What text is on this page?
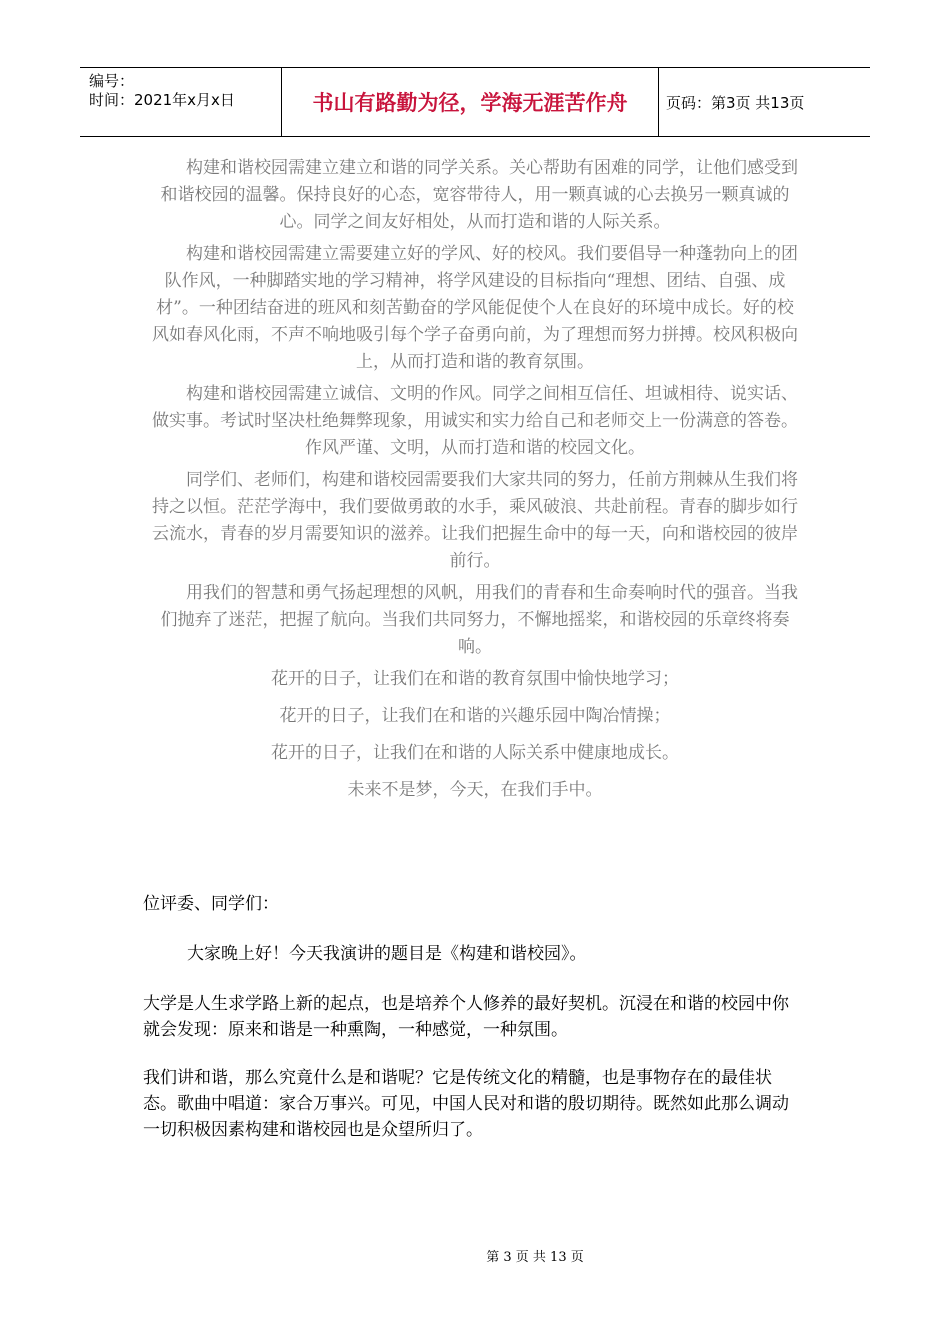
编号：
时间：2021年x月x日	书山有路勤为径，学海无涯苦作舟	页码：第3页 共13页

构建和谐校园需建立建立和谐的同学关系。关心帮助有困难的同学，让他们感受到和谐校园的温馨。保持良好的心态，宽容带待人，用一颗真诚的心去换另一颗真诚的心。同学之间友好相处，从而打造和谐的人际关系。

构建和谐校园需建立需要建立好的学风、好的校风。我们要倡导一种蓬勃向上的团队作风，一种脚踏实地的学习精神，将学风建设的目标指向“理想、团结、自强、成材”。一种团结奋进的班风和刻苦勤奋的学风能促使个人在良好的环境中成长。好的校风如春风化雨，不声不响地吸引每个学子奋勇向前，为了理想而努力拼搏。校风积极向上，从而打造和谐的教育氛围。

构建和谐校园需建立诚信、文明的作风。同学之间相互信任、坦诚相待、说实话、做实事。考试时坚决杜绝舞弊现象，用诚实和实力给自己和老师交上一份满意的答卷。作风严谨、文明，从而打造和谐的校园文化。

同学们、老师们，构建和谐校园需要我们大家共同的努力，任前方荆棘从生我们将持之以恒。茫茫学海中，我们要做勇敢的水手，乘风破浪、共赴前程。青春的脚步如行云流水，青春的岁月需要知识的滋养。让我们把握生命中的每一天，向和谐校园的彼岸前行。

用我们的智慧和勇气扬起理想的风帆，用我们的青春和生命奏响时代的强音。当我们抛弃了迷茫，把握了航向。当我们共同努力，不懈地摇桨，和谐校园的乐章终将奏响。

花开的日子，让我们在和谐的教育氛围中愉快地学习；

花开的日子，让我们在和谐的兴趣乐园中陶冶情操；

花开的日子，让我们在和谐的人际关系中健康地成长。

未来不是梦，今天，在我们手中。

位评委、同学们：

大家晚上好！今天我演讲的题目是《构建和谐校园》。

大学是人生求学路上新的起点，也是培养个人修养的最好契机。沉浸在和谐的校园中你就会发现：原来和谐是一种熏陶，一种感觉，一种氛围。

我们讲和谐，那么究竟什么是和谐呢？它是传统文化的精髓，也是事物存在的最佳状态。歌曲中唱道：家合万事兴。可见，中国人民对和谐的殷切期待。既然如此那么调动一切积极因素构建和谐校园也是众望所归了。

第 3 页 共 13 页
